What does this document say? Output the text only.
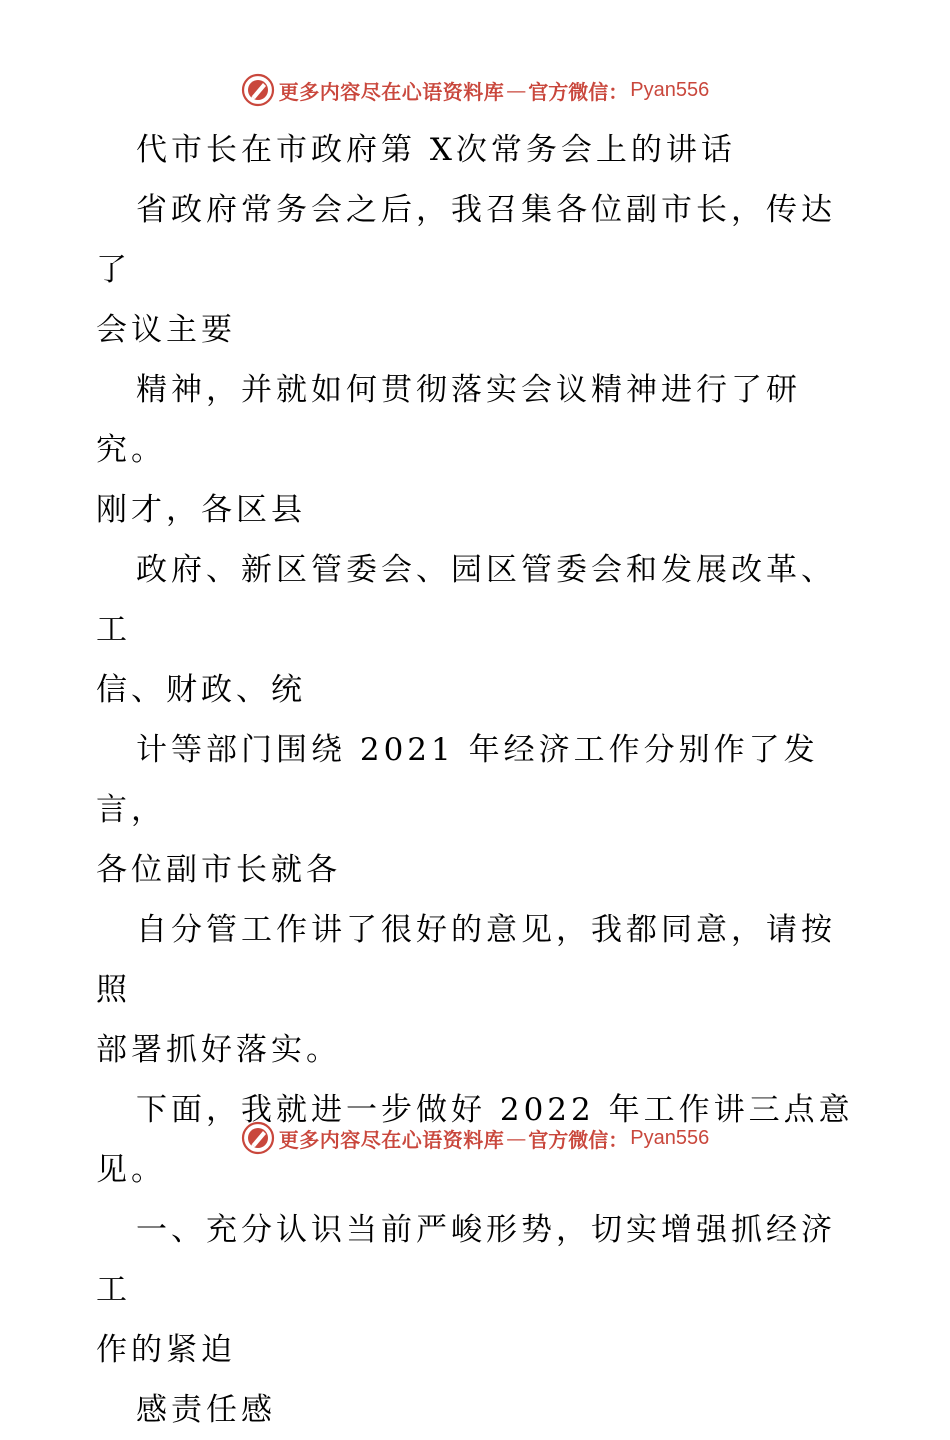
更多内容尽在心语资料库 — 官方微信： Pyan556

代市长在市政府第 X次常务会上的讲话

省政府常务会之后，我召集各位副市长，传达了

会议主要

精神，并就如何贯彻落实会议精神进行了研究。

刚才，各区县

政府、新区管委会、园区管委会和发展改革、工

信、财政、统

计等部门围绕 2021 年经济工作分别作了发言，

各位副市长就各

自分管工作讲了很好的意见，我都同意，请按照

部署抓好落实。

下面，我就进一步做好 2022 年工作讲三点意

见。

一、充分认识当前严峻形势，切实增强抓经济工

作的紧迫

感责任感

更多内容尽在心语资料库 — 官方微信： Pyan556
